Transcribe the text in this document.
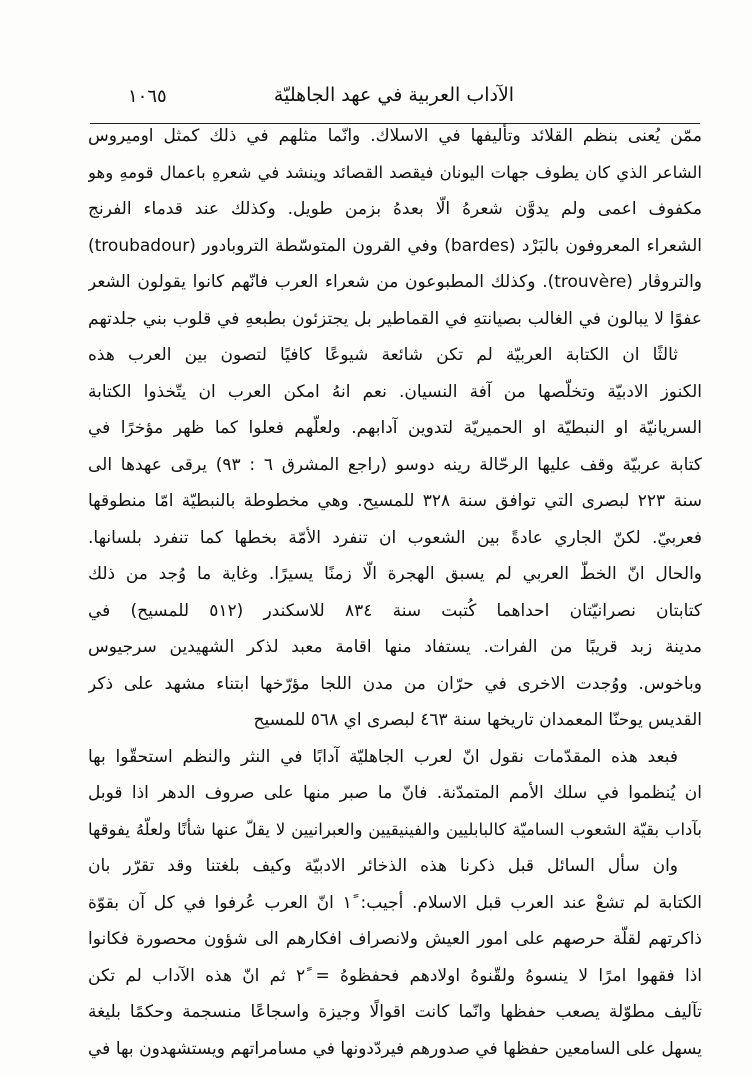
الآداب العربية في عهد الجاهليّة
١٠٦٥
ممّن يُعنى بنظم القلائد وتأليفها في الاسلاك. وانّما مثلهم في ذلك كمثل اوميروس
الشاعر الذي كان يطوف جهات اليونان فيقصد القصائد وينشد في شعرهِ باعمال قومهِ وهو
مكفوف اعمى ولم يدوَّن شعرهُ الّا بعدهُ بزمن طويل. وكذلك عند قدماء الفرنج
الشعراء المعروفون بالبَرْد (bardes) وفي القرون المتوسّطة التروبادور (troubadour)
والتروڤار (trouvère). وكذلك المطبوعون من شعراء العرب فانّهم كانوا يقولون الشعر
عفوًا لا يبالون في الغالب بصيانتهِ في القماطير بل يجتزئون بطبعهِ في قلوب بني جلدتهم
ثالثًا ان الكتابة العربيّة لم تكن شائعة شيوعًا كافيًا لتصون بين العرب هذه
الكنوز الادبيّة وتخلّصها من آفة النسيان. نعم انهُ امكن العرب ان يتّخذوا الكتابة
السريانيّة او النبطيّة او الحميريّة لتدوين آدابهم. ولعلّهم فعلوا كما ظهر مؤخرًا في
كتابة عربيّة وقف عليها الرحّالة رينه دوسو (راجع المشرق ٦ : ٩٣) يرقى عهدها الى
سنة ٢٢٣ لبصرى التي توافق سنة ٣٢٨ للمسيح. وهي مخطوطة بالنبطيّة امّا منطوقها
فعربيّ. لكنّ الجاري عادةً بين الشعوب ان تنفرد الأمّة بخطها كما تنفرد بلسانها.
والحال انّ الخطّ العربي لم يسبق الهجرة الّا زمنًا يسيرًا. وغاية ما وُجد من ذلك
كتابتان نصرانيّتان احداهما كُتبت سنة ٨٣٤ للاسكندر (٥١٢ للمسيح) في
مدينة زبد قريبًا من الفرات. يستفاد منها اقامة معبد لذكر الشهيدين سرجيوس
وباخوس. ووُجدت الاخرى في حرّان من مدن اللجا مؤرّخها ابتناء مشهد على ذكر
القديس يوحنّا المعمدان تاريخها سنة ٤٦٣ لبصرى اي ٥٦٨ للمسيح
فبعد هذه المقدّمات نقول انّ لعرب الجاهليّة آدابًا في النثر والنظم استحقّوا بها
ان يُنظموا في سلك الأمم المتمدّنة. فانّ ما صبر منها على صروف الدهر اذا قوبل
بآداب بقيّة الشعوب الساميّة كالبابليين والفينيقيين والعبرانيين لا يقلّ عنها شأنًا ولعلّهُ يفوقها
وان سأل السائل قبل ذكرنا هذه الذخائر الادبيّة وكيف بلغتنا وقد تقرّر بان
الكتابة لم تشعْ عند العرب قبل الاسلام. أجيب: ١ً انّ العرب عُرفوا في كل آن بقوّة
ذاكرتهم لقلّة حرصهم على امور العيش ولانصراف افكارهم الى شؤون محصورة فكانوا
اذا فقهوا امرًا لا ينسوهُ ولقّنوهُ اولادهم فحفظوهُ = ٢ً ثم انّ هذه الآداب لم تكن
تآليف مطوّلة يصعب حفظها وانّما كانت اقوالًا وجيزة واسجاعًا منسجمة وحكمًا بليغة
يسهل على السامعين حفظها في صدورهم فيردّدونها في مسامراتهم ويستشهدون بها في
